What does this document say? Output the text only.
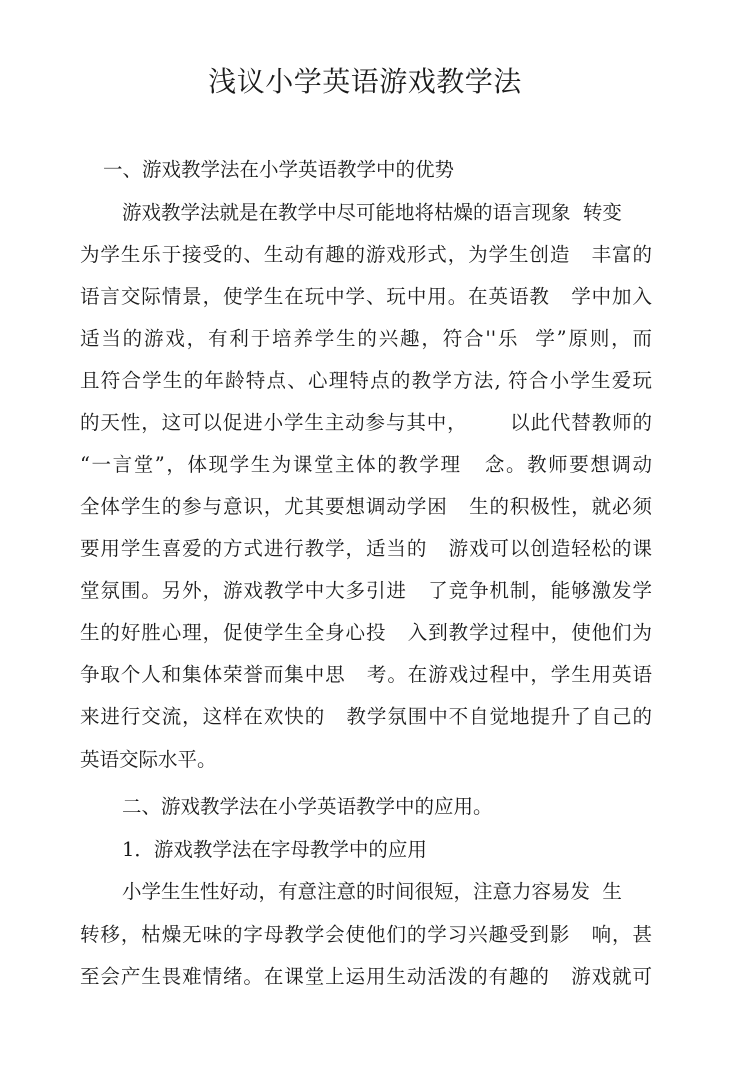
浅议小学英语游戏教学法
一、游戏教学法在小学英语教学中的优势
游戏教学法就是在教学中尽可能地将枯燥的语言现象  转变
为学生乐于接受的、生动有趣的游戏形式，为学生创造   丰富的
语言交际情景，使学生在玩中学、玩中用。在英语教   学中加入
适当的游戏，有利于培养学生的兴趣，符合''乐  学”原则，而
且符合学生的年龄特点、心理特点的教学方法, 符合小学生爱玩
的天性，这可以促进小学生主动参与其中，      以此代替教师的
“一言堂”，体现学生为课堂主体的教学理   念。教师要想调动
全体学生的参与意识，尤其要想调动学困   生的积极性，就必须
要用学生喜爱的方式进行教学，适当的   游戏可以创造轻松的课
堂氛围。另外，游戏教学中大多引进   了竞争机制，能够激发学
生的好胜心理，促使学生全身心投   入到教学过程中，使他们为
争取个人和集体荣誉而集中思   考。在游戏过程中，学生用英语
来进行交流，这样在欢快的   教学氛围中不自觉地提升了自己的
英语交际水平。
二、游戏教学法在小学英语教学中的应用。
1．游戏教学法在字母教学中的应用
小学生生性好动，有意注意的时间很短，注意力容易发  生
转移，枯燥无味的字母教学会使他们的学习兴趣受到影   响，甚
至会产生畏难情绪。在课堂上运用生动活泼的有趣的   游戏就可
